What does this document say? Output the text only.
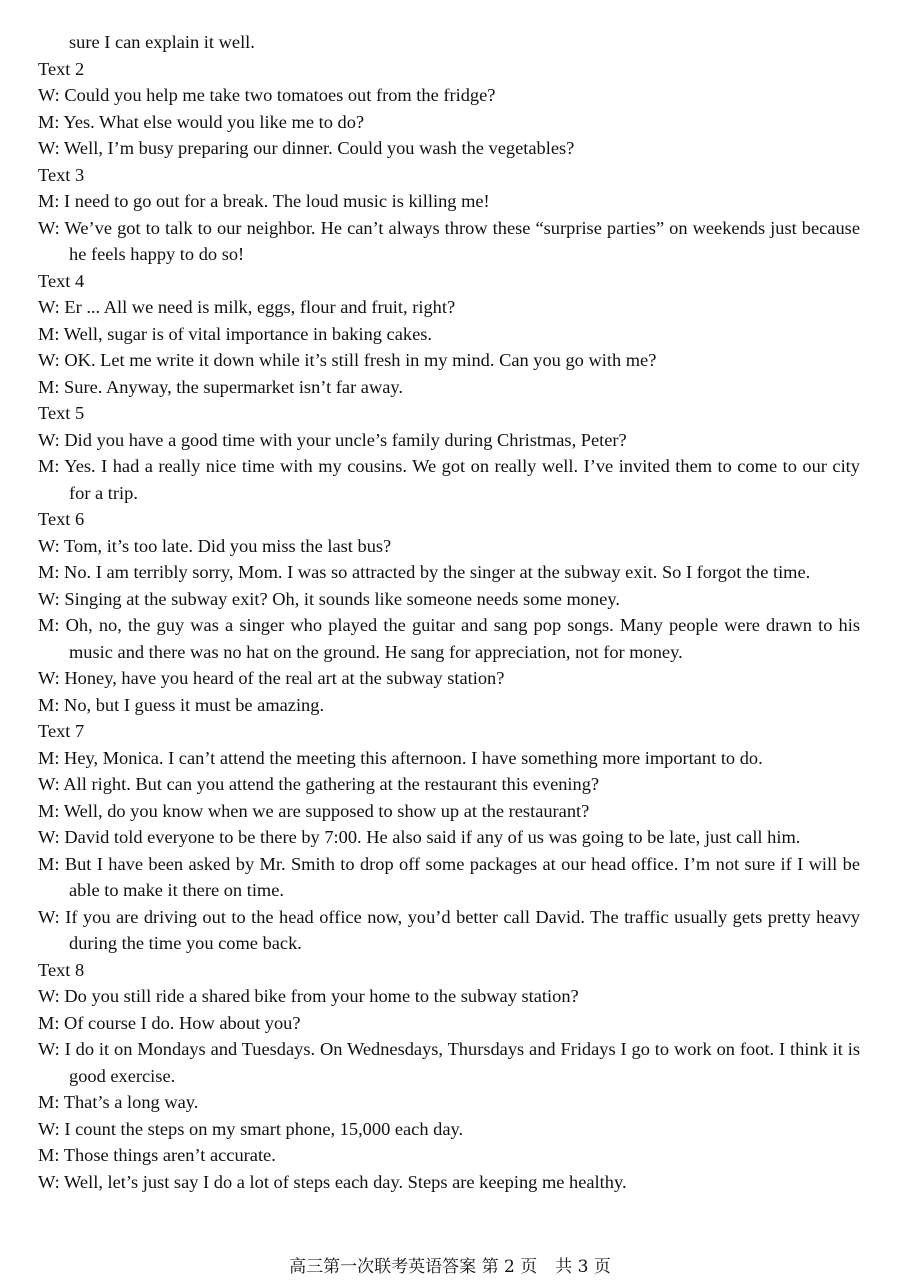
sure I can explain it well.
Text 2
W: Could you help me take two tomatoes out from the fridge?
M: Yes. What else would you like me to do?
W: Well, I’m busy preparing our dinner. Could you wash the vegetables?
Text 3
M: I need to go out for a break. The loud music is killing me!
W: We’ve got to talk to our neighbor. He can’t always throw these “surprise parties” on weekends just because he feels happy to do so!
Text 4
W: Er ... All we need is milk, eggs, flour and fruit, right?
M: Well, sugar is of vital importance in baking cakes.
W: OK. Let me write it down while it’s still fresh in my mind. Can you go with me?
M: Sure. Anyway, the supermarket isn’t far away.
Text 5
W: Did you have a good time with your uncle’s family during Christmas, Peter?
M: Yes. I had a really nice time with my cousins. We got on really well. I’ve invited them to come to our city for a trip.
Text 6
W: Tom, it’s too late. Did you miss the last bus?
M: No. I am terribly sorry, Mom. I was so attracted by the singer at the subway exit. So I forgot the time.
W: Singing at the subway exit? Oh, it sounds like someone needs some money.
M: Oh, no, the guy was a singer who played the guitar and sang pop songs. Many people were drawn to his music and there was no hat on the ground. He sang for appreciation, not for money.
W: Honey, have you heard of the real art at the subway station?
M: No, but I guess it must be amazing.
Text 7
M: Hey, Monica. I can’t attend the meeting this afternoon. I have something more important to do.
W: All right. But can you attend the gathering at the restaurant this evening?
M: Well, do you know when we are supposed to show up at the restaurant?
W: David told everyone to be there by 7:00. He also said if any of us was going to be late, just call him.
M: But I have been asked by Mr. Smith to drop off some packages at our head office. I’m not sure if I will be able to make it there on time.
W: If you are driving out to the head office now, you’d better call David. The traffic usually gets pretty heavy during the time you come back.
Text 8
W: Do you still ride a shared bike from your home to the subway station?
M: Of course I do. How about you?
W: I do it on Mondays and Tuesdays. On Wednesdays, Thursdays and Fridays I go to work on foot. I think it is good exercise.
M: That’s a long way.
W: I count the steps on my smart phone, 15,000 each day.
M: Those things aren’t accurate.
W: Well, let’s just say I do a lot of steps each day. Steps are keeping me healthy.
高三第一次联考英语答案 第 2 页 共 3 页
